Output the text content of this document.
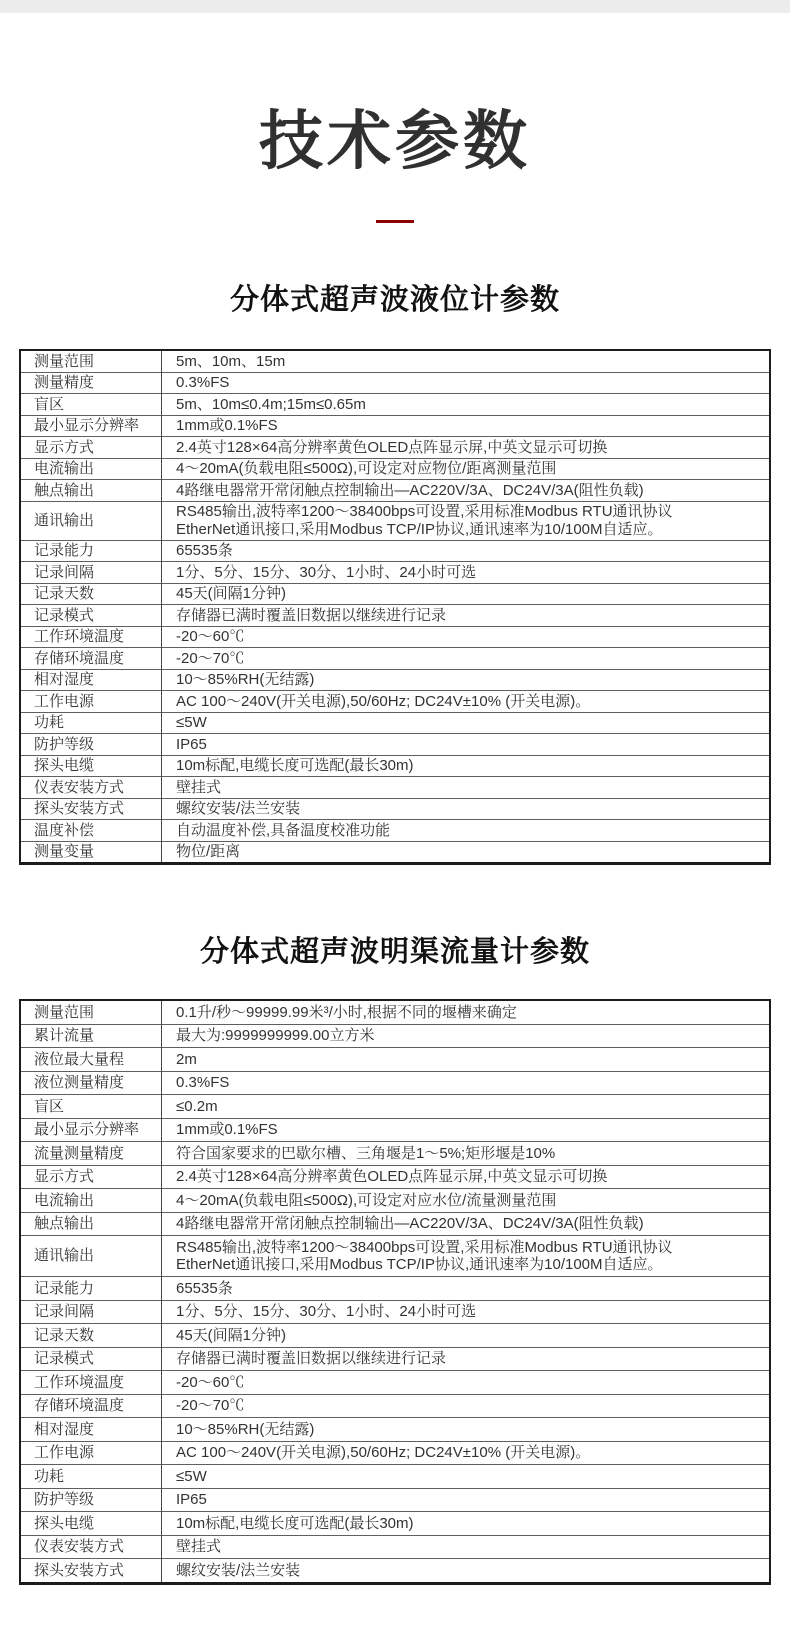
技术参数
分体式超声波液位计参数
测量范围	5m、10m、15m
测量精度	0.3%FS
盲区	5m、10m≤0.4m;15m≤0.65m
最小显示分辨率	1mm或0.1%FS
显示方式	2.4英寸128×64高分辨率黄色OLED点阵显示屏,中英文显示可切换
电流输出	4～20mA(负载电阻≤500Ω),可设定对应物位/距离测量范围
触点输出	4路继电器常开常闭触点控制输出—AC220V/3A、DC24V/3A(阻性负载)
通讯输出	RS485输出,波特率1200～38400bps可设置,采用标准Modbus RTU通讯协议
EtherNet通讯接口,采用Modbus TCP/IP协议,通讯速率为10/100M自适应。
记录能力	65535条
记录间隔	1分、5分、15分、30分、1小时、24小时可选
记录天数	45天(间隔1分钟)
记录模式	存储器已满时覆盖旧数据以继续进行记录
工作环境温度	-20～60℃
存储环境温度	-20～70℃
相对湿度	10～85%RH(无结露)
工作电源	AC 100～240V(开关电源),50/60Hz; DC24V±10% (开关电源)。
功耗	≤5W
防护等级	IP65
探头电缆	10m标配,电缆长度可选配(最长30m)
仪表安装方式	壁挂式
探头安装方式	螺纹安装/法兰安装
温度补偿	自动温度补偿,具备温度校准功能
测量变量	物位/距离
分体式超声波明渠流量计参数
测量范围	0.1升/秒～99999.99米³/小时,根据不同的堰槽来确定
累计流量	最大为:9999999999.00立方米
液位最大量程	2m
液位测量精度	0.3%FS
盲区	≤0.2m
最小显示分辨率	1mm或0.1%FS
流量测量精度	符合国家要求的巴歇尔槽、三角堰是1～5%;矩形堰是10%
显示方式	2.4英寸128×64高分辨率黄色OLED点阵显示屏,中英文显示可切换
电流输出	4～20mA(负载电阻≤500Ω),可设定对应水位/流量测量范围
触点输出	4路继电器常开常闭触点控制输出—AC220V/3A、DC24V/3A(阻性负载)
通讯输出	RS485输出,波特率1200～38400bps可设置,采用标准Modbus RTU通讯协议
EtherNet通讯接口,采用Modbus TCP/IP协议,通讯速率为10/100M自适应。
记录能力	65535条
记录间隔	1分、5分、15分、30分、1小时、24小时可选
记录天数	45天(间隔1分钟)
记录模式	存储器已满时覆盖旧数据以继续进行记录
工作环境温度	-20～60℃
存储环境温度	-20～70℃
相对湿度	10～85%RH(无结露)
工作电源	AC 100～240V(开关电源),50/60Hz; DC24V±10% (开关电源)。
功耗	≤5W
防护等级	IP65
探头电缆	10m标配,电缆长度可选配(最长30m)
仪表安装方式	壁挂式
探头安装方式	螺纹安装/法兰安装
